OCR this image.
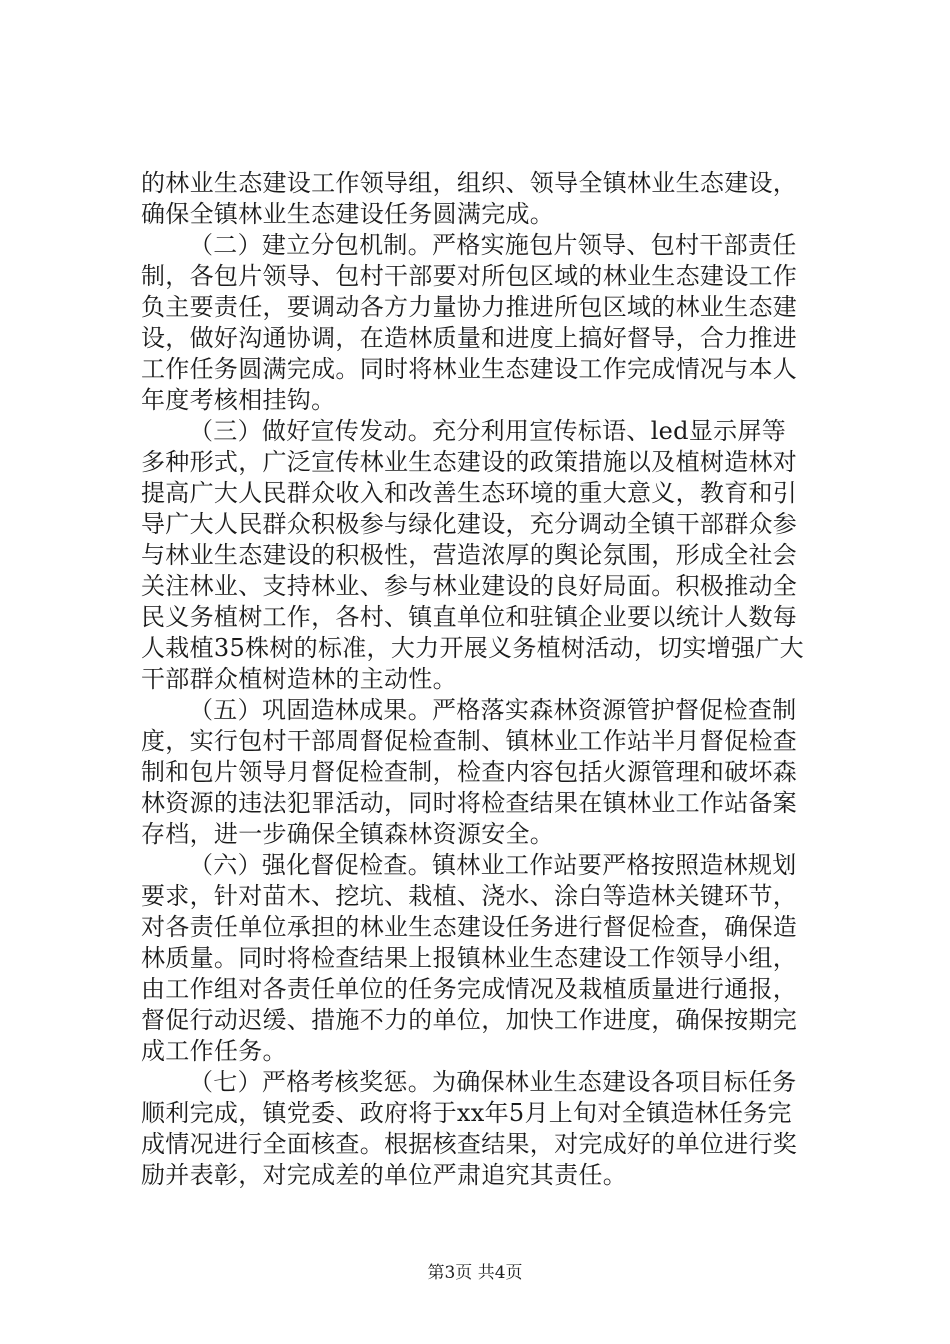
的林业生态建设工作领导组，组织、领导全镇林业生态建设，
确保全镇林业生态建设任务圆满完成。
（二）建立分包机制。严格实施包片领导、包村干部责任
制，各包片领导、包村干部要对所包区域的林业生态建设工作
负主要责任，要调动各方力量协力推进所包区域的林业生态建
设，做好沟通协调，在造林质量和进度上搞好督导，合力推进
工作任务圆满完成。同时将林业生态建设工作完成情况与本人
年度考核相挂钩。
（三）做好宣传发动。充分利用宣传标语、led显示屏等
多种形式，广泛宣传林业生态建设的政策措施以及植树造林对
提高广大人民群众收入和改善生态环境的重大意义，教育和引
导广大人民群众积极参与绿化建设，充分调动全镇干部群众参
与林业生态建设的积极性，营造浓厚的舆论氛围，形成全社会
关注林业、支持林业、参与林业建设的良好局面。积极推动全
民义务植树工作，各村、镇直单位和驻镇企业要以统计人数每
人栽植35株树的标准，大力开展义务植树活动，切实增强广大
干部群众植树造林的主动性。
（五）巩固造林成果。严格落实森林资源管护督促检查制
度，实行包村干部周督促检查制、镇林业工作站半月督促检查
制和包片领导月督促检查制，检查内容包括火源管理和破坏森
林资源的违法犯罪活动，同时将检查结果在镇林业工作站备案
存档，进一步确保全镇森林资源安全。
（六）强化督促检查。镇林业工作站要严格按照造林规划
要求，针对苗木、挖坑、栽植、浇水、涂白等造林关键环节，
对各责任单位承担的林业生态建设任务进行督促检查，确保造
林质量。同时将检查结果上报镇林业生态建设工作领导小组，
由工作组对各责任单位的任务完成情况及栽植质量进行通报，
督促行动迟缓、措施不力的单位，加快工作进度，确保按期完
成工作任务。
（七）严格考核奖惩。为确保林业生态建设各项目标任务
顺利完成，镇党委、政府将于xx年5月上旬对全镇造林任务完
成情况进行全面核查。根据核查结果，对完成好的单位进行奖
励并表彰，对完成差的单位严肃追究其责任。
第3页 共4页
